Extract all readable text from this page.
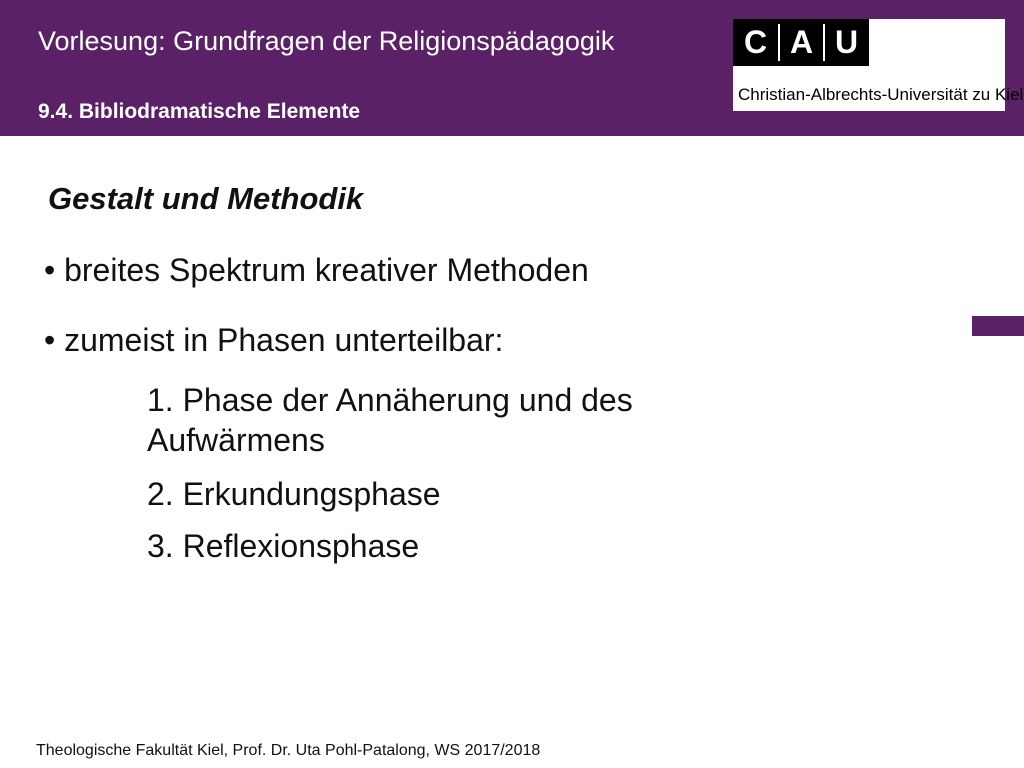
Vorlesung: Grundfragen der Religionspädagogik
9.4. Bibliodramatische Elemente
C A U
Christian-Albrechts-Universität zu Kiel
Gestalt und Methodik
• breites Spektrum kreativer Methoden
• zumeist in Phasen unterteilbar:
1. Phase der Annäherung und des
Aufwärmens
2. Erkundungsphase
3. Reflexionsphase
Theologische Fakultät Kiel, Prof. Dr. Uta Pohl-Patalong, WS 2017/2018
